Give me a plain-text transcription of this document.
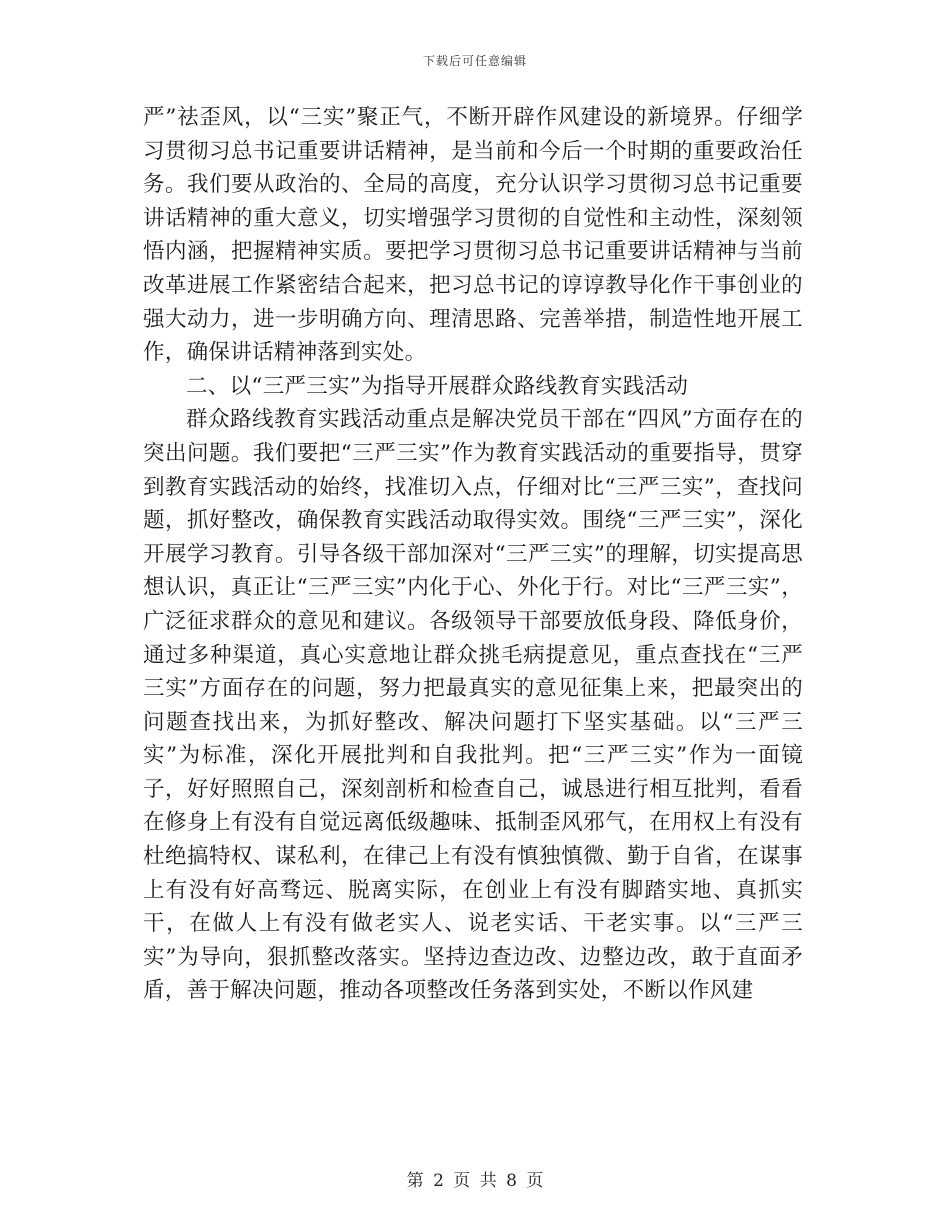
下载后可任意编辑

严”祛歪风，以“三实”聚正气，不断开辟作风建设的新境界。仔细学习贯彻习总书记重要讲话精神，是当前和今后一个时期的重要政治任务。我们要从政治的、全局的高度，充分认识学习贯彻习总书记重要讲话精神的重大意义，切实增强学习贯彻的自觉性和主动性，深刻领悟内涵，把握精神实质。要把学习贯彻习总书记重要讲话精神与当前改革进展工作紧密结合起来，把习总书记的谆谆教导化作干事创业的强大动力，进一步明确方向、理清思路、完善举措，制造性地开展工作，确保讲话精神落到实处。

二、以“三严三实”为指导开展群众路线教育实践活动

群众路线教育实践活动重点是解决党员干部在“四风”方面存在的突出问题。我们要把“三严三实”作为教育实践活动的重要指导，贯穿到教育实践活动的始终，找准切入点，仔细对比“三严三实”，查找问题，抓好整改，确保教育实践活动取得实效。围绕“三严三实”，深化开展学习教育。引导各级干部加深对“三严三实”的理解，切实提高思想认识，真正让“三严三实”内化于心、外化于行。对比“三严三实”，广泛征求群众的意见和建议。各级领导干部要放低身段、降低身价，通过多种渠道，真心实意地让群众挑毛病提意见，重点查找在“三严三实”方面存在的问题，努力把最真实的意见征集上来，把最突出的问题查找出来，为抓好整改、解决问题打下坚实基础。以“三严三实”为标准，深化开展批判和自我批判。把“三严三实”作为一面镜子，好好照照自己，深刻剖析和检查自己，诚恳进行相互批判，看看在修身上有没有自觉远离低级趣味、抵制歪风邪气，在用权上有没有杜绝搞特权、谋私利，在律己上有没有慎独慎微、勤于自省，在谋事上有没有好高骛远、脱离实际，在创业上有没有脚踏实地、真抓实干，在做人上有没有做老实人、说老实话、干老实事。以“三严三实”为导向，狠抓整改落实。坚持边查边改、边整边改，敢于直面矛盾，善于解决问题，推动各项整改任务落到实处，不断以作风建

第 2 页 共 8 页
